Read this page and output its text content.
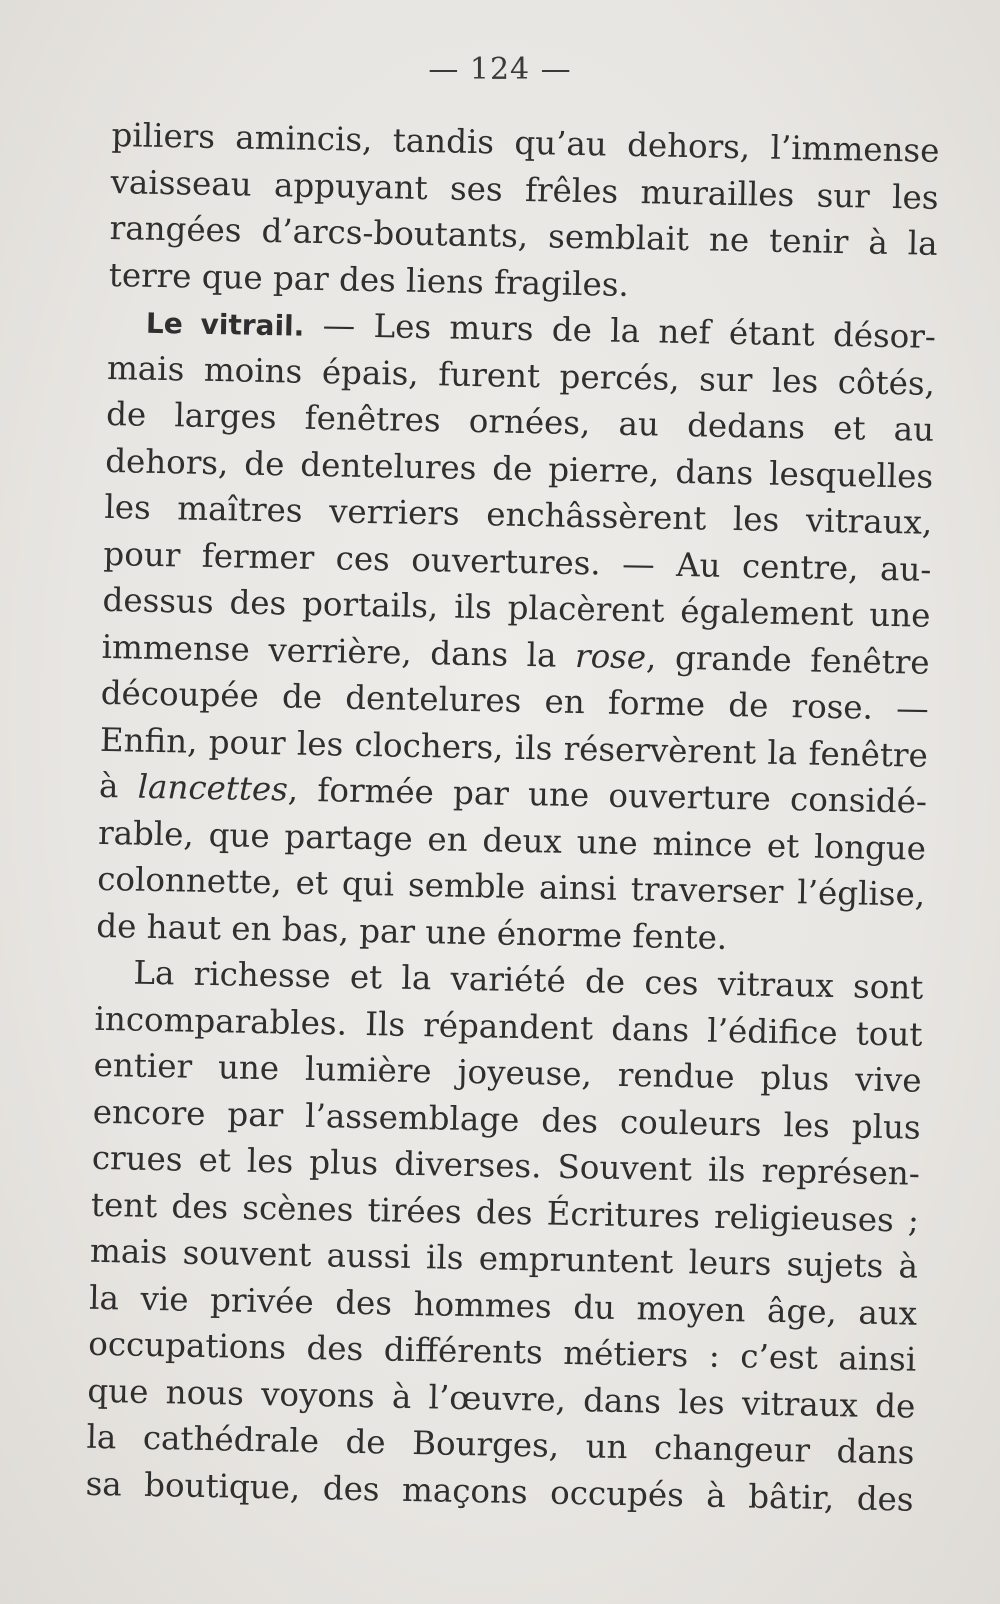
— 124 —
piliers amincis, tandis qu’au dehors, l’immense
vaisseau appuyant ses frêles murailles sur les
rangées d’arcs-boutants, semblait ne tenir à la
terre que par des liens fragiles.
Le vitrail. — Les murs de la nef étant désor-
mais moins épais, furent percés, sur les côtés,
de larges fenêtres ornées, au dedans et au
dehors, de dentelures de pierre, dans lesquelles
les maîtres verriers enchâssèrent les vitraux,
pour fermer ces ouvertures. — Au centre, au-
dessus des portails, ils placèrent également une
immense verrière, dans la rose, grande fenêtre
découpée de dentelures en forme de rose. —
Enfin, pour les clochers, ils réservèrent la fenêtre
à lancettes, formée par une ouverture considé-
rable, que partage en deux une mince et longue
colonnette, et qui semble ainsi traverser l’église,
de haut en bas, par une énorme fente.
La richesse et la variété de ces vitraux sont
incomparables. Ils répandent dans l’édifice tout
entier une lumière joyeuse, rendue plus vive
encore par l’assemblage des couleurs les plus
crues et les plus diverses. Souvent ils représen-
tent des scènes tirées des Écritures religieuses ;
mais souvent aussi ils empruntent leurs sujets à
la vie privée des hommes du moyen âge, aux
occupations des différents métiers : c’est ainsi
que nous voyons à l’œuvre, dans les vitraux de
la cathédrale de Bourges, un changeur dans
sa boutique, des maçons occupés à bâtir, des
